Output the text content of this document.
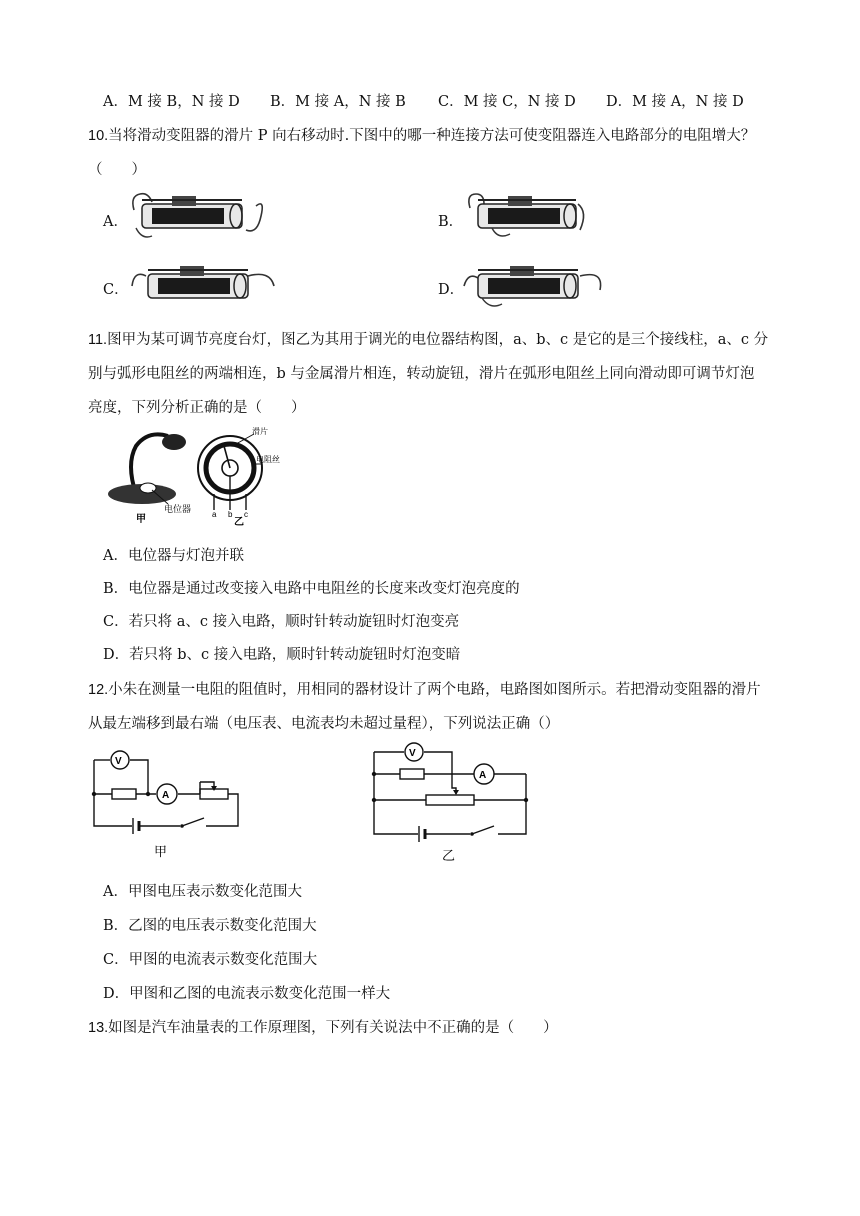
A．M 接 B，N 接 D B．M 接 A，N 接 B C．M 接 C，N 接 D D．M 接 A，N 接 D
10.当将滑动变阻器的滑片 P 向右移动时.下图中的哪一种连接方法可使变阻器连入电路部分的电阻增大？
（　　）
A．	B．
C．	D．
11.图甲为某可调节亮度台灯，图乙为其用于调光的电位器结构图，a、b、c 是它的是三个接线柱，a、c 分
别与弧形电阻丝的两端相连，b 与金属滑片相连，转动旋钮，滑片在弧形电阻丝上同向滑动即可调节灯泡
亮度，下列分析正确的是（　　）
电位器
甲	a b c
乙
滑片
电阻丝
A．电位器与灯泡并联
B．电位器是通过改变接入电路中电阻丝的长度来改变灯泡亮度的
C．若只将 a、c 接入电路，顺时针转动旋钮时灯泡变亮
D．若只将 b、c 接入电路，顺时针转动旋钮时灯泡变暗
12.小朱在测量一电阻的阻值时，用相同的器材设计了两个电路，电路图如图所示。若把滑动变阻器的滑片
从最左端移到最右端（电压表、电流表均未超过量程），下列说法正确（）
V
A
甲
V
A
乙
A．甲图电压表示数变化范围大
B．乙图的电压表示数变化范围大
C．甲图的电流表示数变化范围大
D．甲图和乙图的电流表示数变化范围一样大
13.如图是汽车油量表的工作原理图，下列有关说法中不正确的是（　　）
